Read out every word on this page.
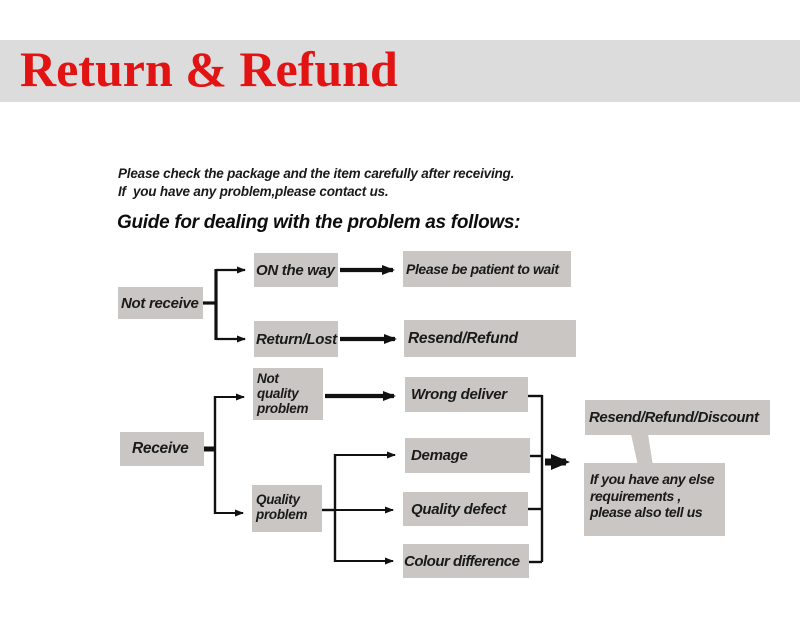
Return & Refund
Please check the package and the item carefully after receiving.
If  you have any problem,please contact us.
Guide for dealing with the problem as follows:
Not receive
ON the way	Please be patient to wait
Return/Lost	Resend/Refund
Not quality problem
Wrong deliver
Receive	Demage
Quality problem	Quality defect
Colour difference
Resend/Refund/Discount
If you have any else requirements , please also tell us
